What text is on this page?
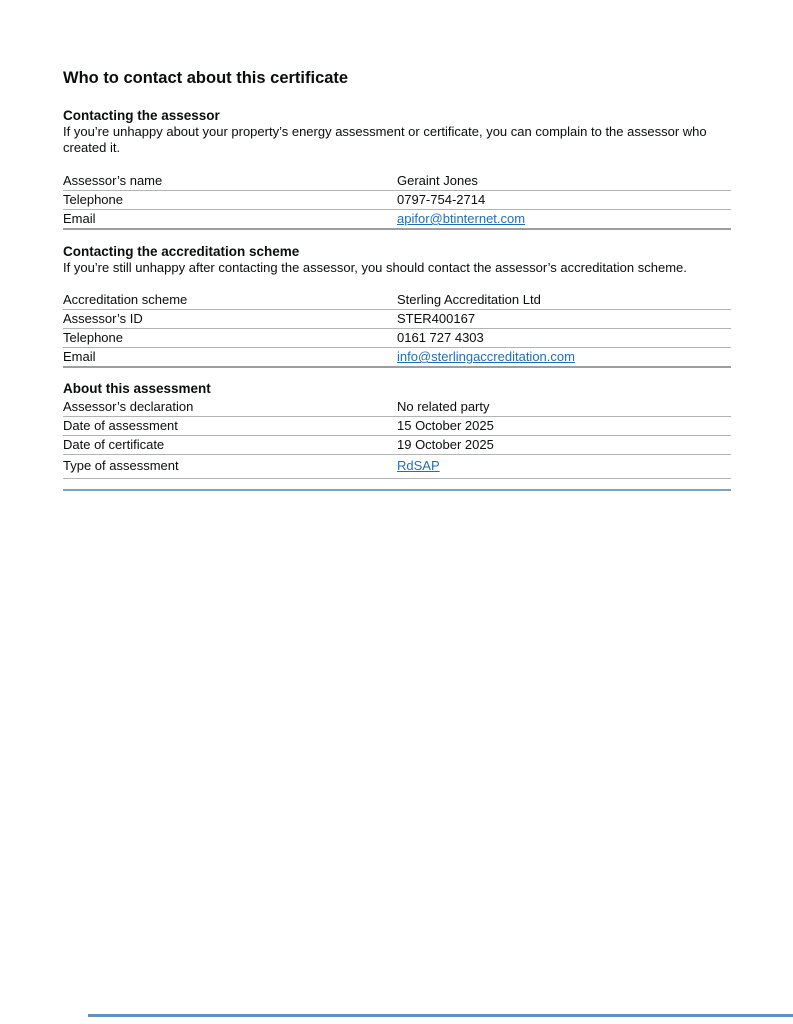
Who to contact about this certificate
Contacting the assessor

If you’re unhappy about your property’s energy assessment or certificate, you can complain to the assessor who created it.

Assessor’s name	Geraint Jones
Telephone	0797-754-2714
Email	apifor@btinternet.com
Contacting the accreditation scheme

If you’re still unhappy after contacting the assessor, you should contact the assessor’s accreditation scheme.

Accreditation scheme	Sterling Accreditation Ltd
Assessor’s ID	STER400167
Telephone	0161 727 4303
Email	info@sterlingaccreditation.com
About this assessment
Assessor’s declaration	No related party
Date of assessment	15 October 2025
Date of certificate	19 October 2025
Type of assessment	RdSAP
